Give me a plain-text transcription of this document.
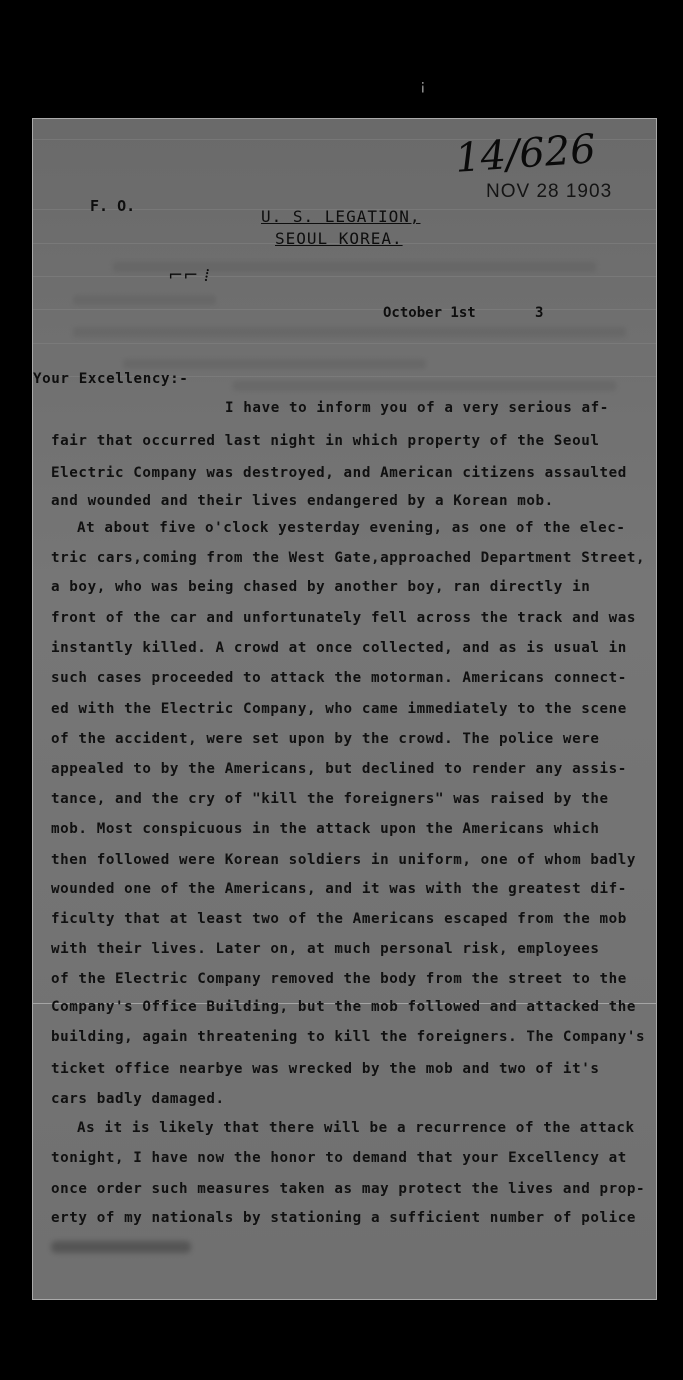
¡
14/626
NOV 28 1903
F. O.
U. S. LEGATION,
SEOUL KOREA.
⌐⌐ ⁞
October 1st	3
Your Excellency:-
I have to inform you of a very serious af-
fair that occurred last night in which property of the Seoul
Electric Company was destroyed, and American citizens assaulted
and wounded and their lives endangered by a Korean mob.
At about five o'clock yesterday evening, as one of the elec-
tric cars,coming from the West Gate,approached Department Street,
a boy, who was being chased by another boy, ran directly in
front of the car and unfortunately fell across the track and was
instantly killed. A crowd at once collected, and as is usual in
such cases proceeded to attack the motorman. Americans connect-
ed with the Electric Company, who came immediately to the scene
of the accident, were set upon by the crowd. The police were
appealed to by the Americans, but declined to render any assis-
tance, and the cry of "kill the foreigners" was raised by the
mob. Most conspicuous in the attack upon the Americans which
then followed were Korean soldiers in uniform, one of whom badly
wounded one of the Americans, and it was with the greatest dif-
ficulty that at least two of the Americans escaped from the mob
with their lives. Later on, at much personal risk, employees
of the Electric Company removed the body from the street to the
Company's Office Building, but the mob followed and attacked the
building, again threatening to kill the foreigners. The Company's
ticket office nearbye was wrecked by the mob and two of it's
cars badly damaged.
As it is likely that there will be a recurrence of the attack
tonight, I have now the honor to demand that your Excellency at
once order such measures taken as may protect the lives and prop-
erty of my nationals by stationing a sufficient number of police
